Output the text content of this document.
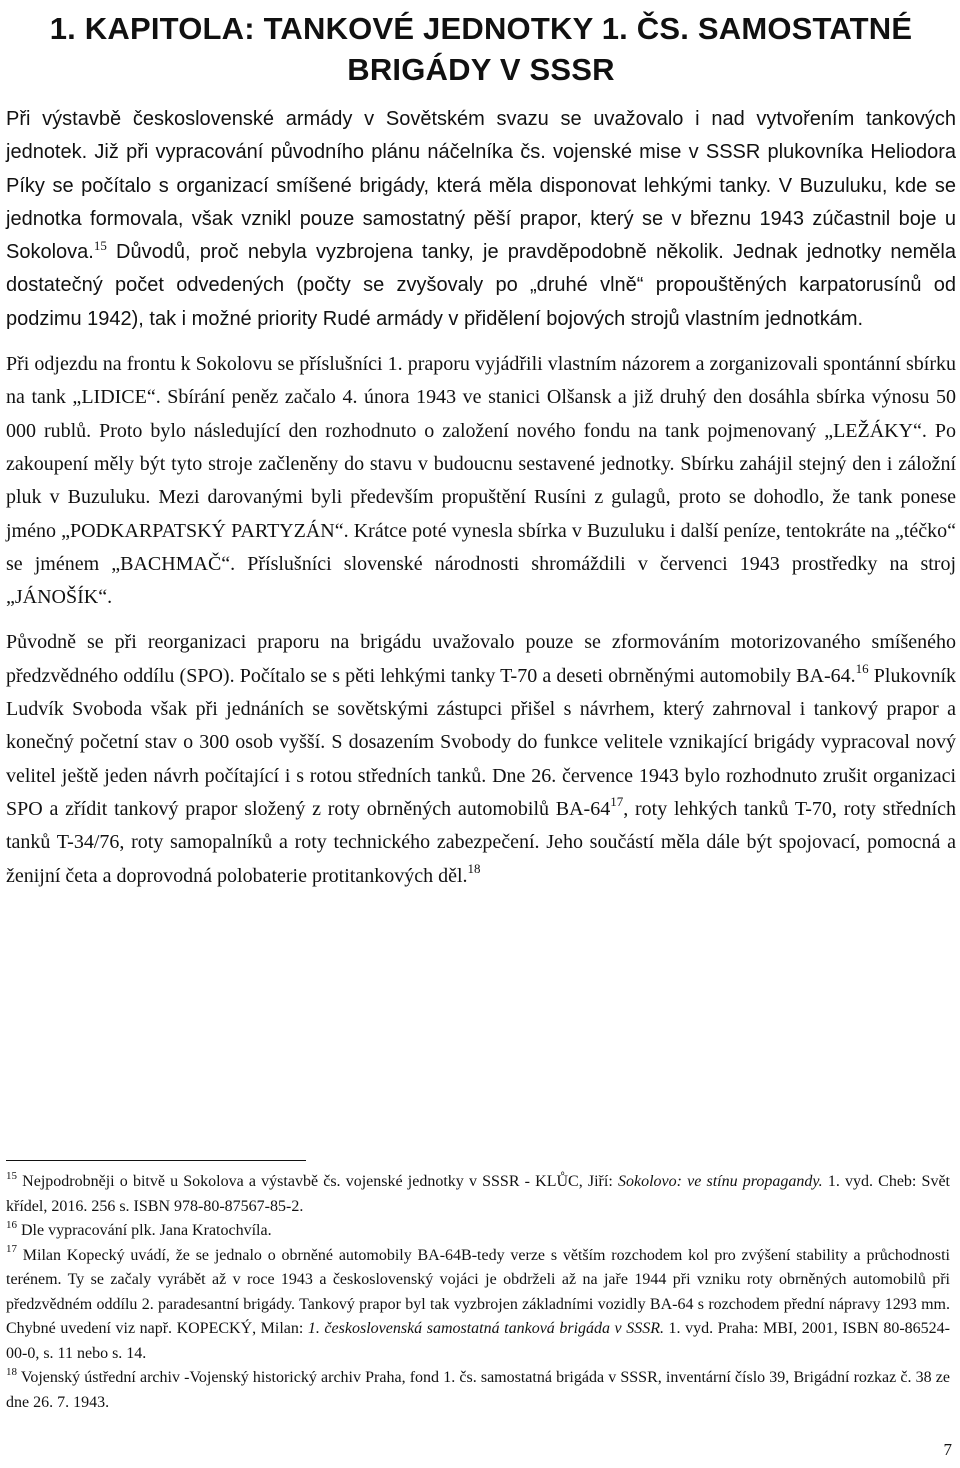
1. KAPITOLA: TANKOVÉ JEDNOTKY 1. ČS. SAMOSTATNÉ
BRIGÁDY V SSSR

Při výstavbě československé armády v Sovětském svazu se uvažovalo i nad vytvořením tankových jednotek. Již při vypracování původního plánu náčelníka čs. vojenské mise v SSSR plukovníka Heliodora Píky se počítalo s organizací smíšené brigády, která měla disponovat lehkými tanky. V Buzuluku, kde se jednotka formovala, však vznikl pouze samostatný pěší prapor, který se v březnu 1943 zúčastnil boje u Sokolova.$^{15}$ Důvodů, proč nebyla vyzbrojena tanky, je pravděpodobně několik. Jednak jednotky neměla dostatečný počet odvedených (počty se zvyšovaly po „druhé vlně“ propouštěných karpatorusínů od podzimu 1942), tak i možné priority Rudé armády v přidělení bojových strojů vlastním jednotkám.

Při odjezdu na frontu k Sokolovu se příslušníci 1. praporu vyjádřili vlastním názorem a zorganizovali spontánní sbírku na tank „LIDICE“. Sbírání peněz začalo 4. února 1943 ve stanici Olšansk a již druhý den dosáhla sbírka výnosu 50 000 rublů. Proto bylo následující den rozhodnuto o založení nového fondu na tank pojmenovaný „LEŽÁKY“. Po zakoupení měly být tyto stroje začleněny do stavu v budoucnu sestavené jednotky. Sbírku zahájil stejný den i záložní pluk v Buzuluku. Mezi darovanými byli především propuštění Rusíni z gulagů, proto se dohodlo, že tank ponese jméno „PODKARPATSKÝ PARTYZÁN“. Krátce poté vynesla sbírka v Buzuluku i další peníze, tentokráte na „téčko“ se jménem „BACHMAČ“. Příslušníci slovenské národnosti shromáždili v červenci 1943 prostředky na stroj „JÁNOŠÍK“.

Původně se při reorganizaci praporu na brigádu uvažovalo pouze se zformováním motorizovaného smíšeného předzvědného oddílu (SPO). Počítalo se s pěti lehkými tanky T-70 a deseti obrněnými automobily BA-64.16 Plukovník Ludvík Svoboda však při jednáních se sovětskými zástupci přišel s návrhem, který zahrnoval i tankový prapor a konečný početní stav o 300 osob vyšší. S dosazením Svobody do funkce velitele vznikající brigády vypracoval nový velitel ještě jeden návrh počítající i s rotou středních tanků. Dne 26. července 1943 bylo rozhodnuto zrušit organizaci SPO a zřídit tankový prapor složený z roty obrněných automobilů $BA-64^{17}$, roty lehkých tanků T-70, roty středních tanků T-34/76, roty samopalníků a roty technického zabezpečení. Jeho součástí měla dále být spojovací, pomocná a ženijní četa a doprovodná polobaterie protitankových děl.$^{18}$

$^{15}$ Nejpodrobněji o bitvě u Sokolova a výstavbě čs. vojenské jednotky v SSSR - KLŮC, Jiří: Sokolovo: ve stínu propagandy. 1. vyd. Cheb: Svět křídel, 2016. 256 s. ISBN 978-80-87567-85-2.

$^{16}$ Dle vypracování plk. Jana Kratochvíla.

$^{17}$ Milan Kopecký uvádí, že se jednalo o obrněné automobily BA-64B-tedy verze s větším rozchodem kol pro zvýšení stability a průchodnosti terénem. Ty se začaly vyrábět až v roce 1943 a československý vojáci je obdrželi až na jaře 1944 při vzniku roty obrněných automobilů při předzvědném oddílu 2. paradesantní brigády. Tankový prapor byl tak vyzbrojen základními vozidly BA-64 s rozchodem přední nápravy 1293 mm. Chybné uvedení viz např. KOPECKÝ, Milan: 1. československá samostatná tanková brigáda v SSSR. 1. vyd. Praha: MBI, 2001, ISBN 80-86524-00-0, s. 11 nebo s. 14.

$^{18}$ Vojenský ústřední archiv -Vojenský historický archiv Praha, fond 1. čs. samostatná brigáda v SSSR, inventární číslo 39, Brigádní rozkaz č. 38 ze dne 26. 7. 1943.

7
